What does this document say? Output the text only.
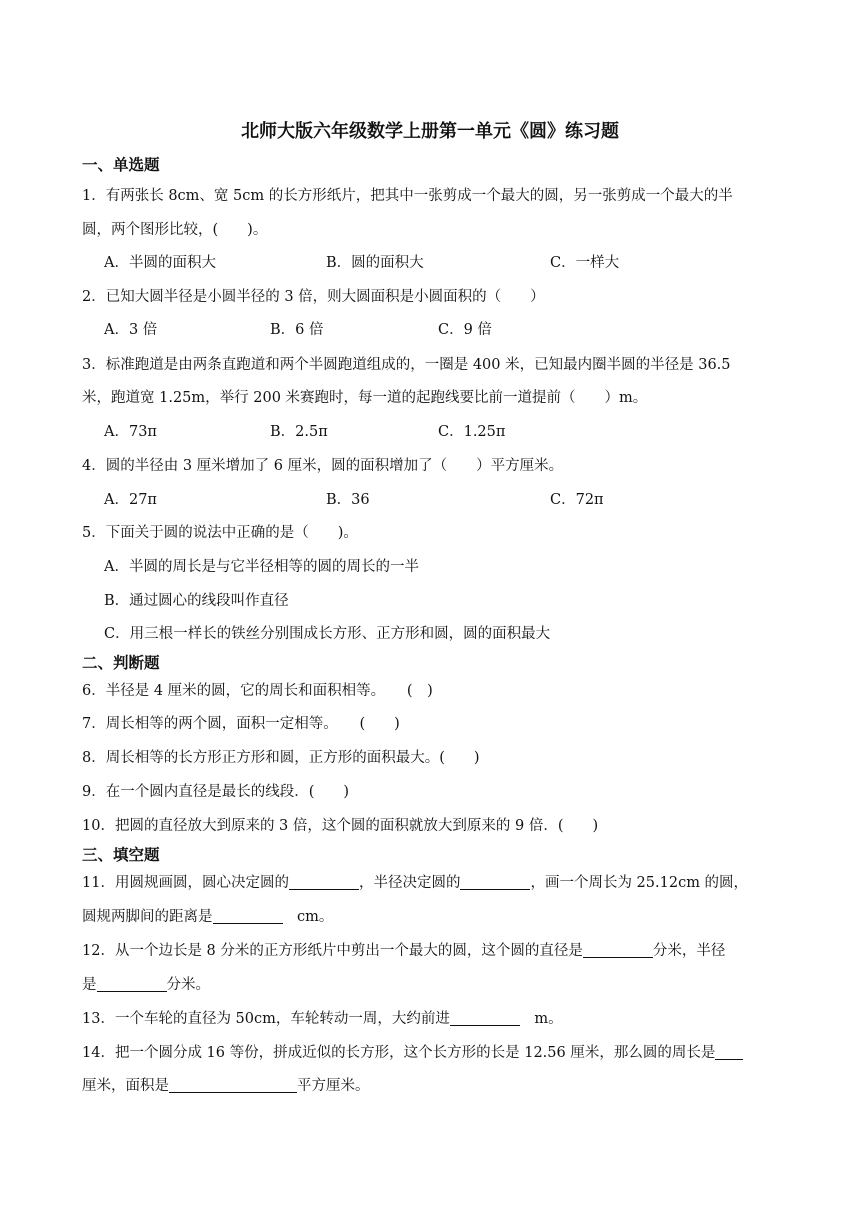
北师大版六年级数学上册第一单元《圆》练习题
一、单选题
1．有两张长 8cm、宽 5cm 的长方形纸片，把其中一张剪成一个最大的圆，另一张剪成一个最大的半
圆，两个图形比较，(　　)。
A．半圆的面积大	B．圆的面积大	C．一样大
2．已知大圆半径是小圆半径的 3 倍，则大圆面积是小圆面积的（　　）
A．3 倍	B．6 倍	C．9 倍
3．标准跑道是由两条直跑道和两个半圆跑道组成的，一圈是 400 米，已知最内圈半圆的半径是 36.5
米，跑道宽 1.25m，举行 200 米赛跑时，每一道的起跑线要比前一道提前（　　）m。
A．73π	B．2.5π	C．1.25π
4．圆的半径由 3 厘米增加了 6 厘米，圆的面积增加了（　　）平方厘米。
A．27π	B．36	C．72π
5．下面关于圆的说法中正确的是（　　)。
A．半圆的周长是与它半径相等的圆的周长的一半
B．通过圆心的线段叫作直径
C．用三根一样长的铁丝分别围成长方形、正方形和圆，圆的面积最大
二、判断题
6．半径是 4 厘米的圆，它的周长和面积相等。　　(　)
7．周长相等的两个圆，面积一定相等。　　(　　)
8．周长相等的长方形正方形和圆，正方形的面积最大。(　　)
9．在一个圆内直径是最长的线段．(　　)
10．把圆的直径放大到原来的 3 倍，这个圆的面积就放大到原来的 9 倍．(　　)
三、填空题
11．用圆规画圆，圆心决定圆的	，半径决定圆的	，画一个周长为 25.12cm 的圆，
圆规两脚间的距离是	　cm。
12．从一个边长是 8 分米的正方形纸片中剪出一个最大的圆，这个圆的直径是	分米，半径
是	分米。
13．一个车轮的直径为 50cm，车轮转动一周，大约前进	　m。
14．把一个圆分成 16 等份，拼成近似的长方形，这个长方形的长是 12.56 厘米，那么圆的周长是
厘米，面积是	平方厘米。
